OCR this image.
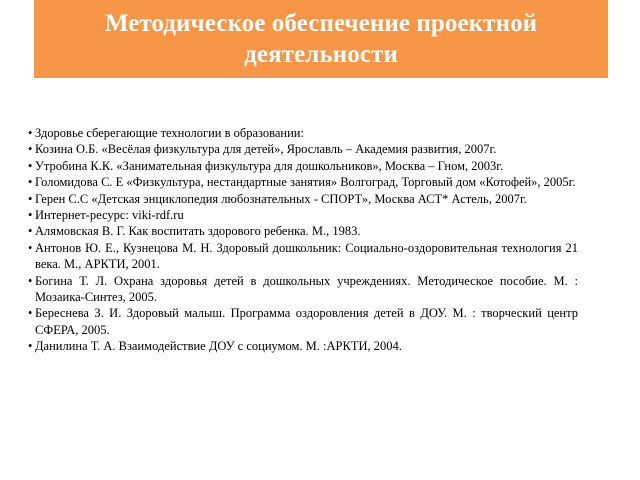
Методическое обеспечение проектной
деятельности
• Здоровье сберегающие технологии в образовании:
• Козина О.Б. «Весёлая физкультура для детей», Ярославль – Академия развития, 2007г.
• Утробина К.К. «Занимательная физкультура для дошкольников», Москва – Гном, 2003г.
• Голомидова С. Е «Физкультура, нестандартные занятия» Волгоград, Торговый дом «Котофей», 2005г.
• Герен С.С «Детская энциклопедия любознательных - СПОРТ», Москва АСТ* Астель, 2007г.
• Интернет-ресурс: viki-rdf.ru
• Алямовская В. Г. Как воспитать здорового ребенка. М., 1983.
• Антонов Ю. Е., Кузнецова М. Н. Здоровый дошкольник: Социально-оздоровительная технология 21 века. М., АРКТИ, 2001.
• Богина Т. Л. Охрана здоровья детей в дошкольных учреждениях. Методическое пособие. М. : Мозаика-Синтез, 2005.
• Береснева З. И. Здоровый малыш. Программа оздоровления детей в ДОУ. М. : творческий центр СФЕРА, 2005.
• Данилина Т. А. Взаимодействие ДОУ с социумом. М. :АРКТИ, 2004.
